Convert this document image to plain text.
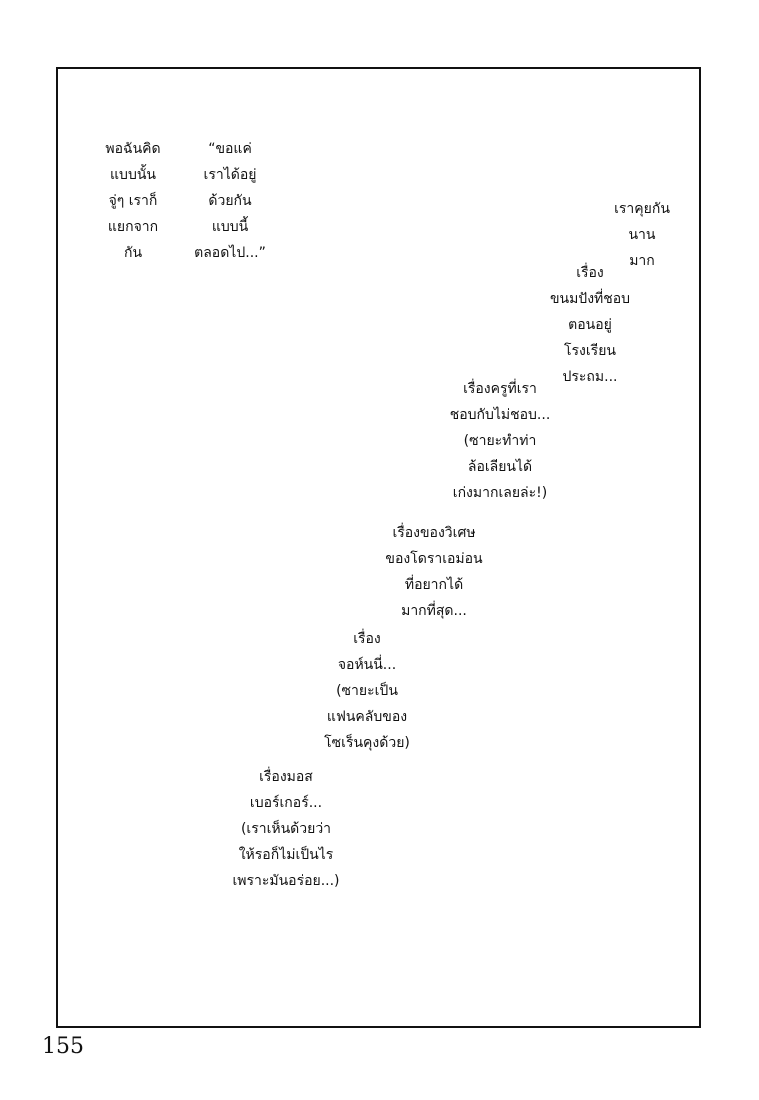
พอฉันคิด
แบบนั้น
จู่ๆ เราก็
แยกจาก
กัน
“ขอแค่
เราได้อยู่
ด้วยกัน
แบบนี้
ตลอดไป...”
เราคุยกัน
นาน
มาก
เรื่อง
ขนมปังที่ชอบ
ตอนอยู่
โรงเรียน
ประถม...
เรื่องครูที่เรา
ชอบกับไม่ชอบ...
(ซายะทำท่า
ล้อเลียนได้
เก่งมากเลยล่ะ!)
เรื่องของวิเศษ
ของโดราเอม่อน
ที่อยากได้
มากที่สุด...
เรื่อง
จอห์นนี่...
(ซายะเป็น
แฟนคลับของ
โซเร็นคุงด้วย)
เรื่องมอส
เบอร์เกอร์...
(เราเห็นด้วยว่า
ให้รอก็ไม่เป็นไร
เพราะมันอร่อย...)

155
